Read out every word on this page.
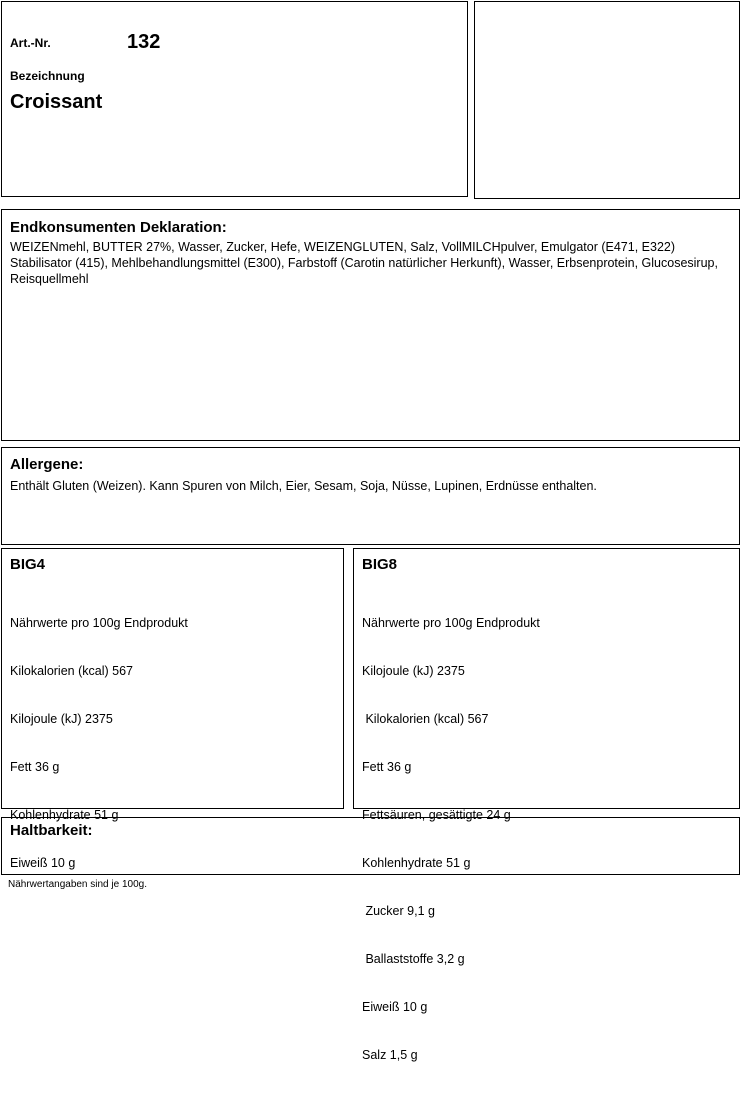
Art.-Nr.	132
Bezeichnung
Croissant
Endkonsumenten Deklaration:
WEIZENmehl, BUTTER 27%, Wasser, Zucker, Hefe, WEIZENGLUTEN, Salz, VollMILCHpulver, Emulgator (E471, E322) Stabilisator (415), Mehlbehandlungsmittel (E300), Farbstoff (Carotin natürlicher Herkunft), Wasser, Erbsenprotein, Glucosesirup, Reisquellmehl
Allergene:
Enthält Gluten (Weizen). Kann Spuren von Milch, Eier, Sesam, Soja, Nüsse, Lupinen, Erdnüsse enthalten.
BIG4

Nährwerte pro 100g Endprodukt

Kilokalorien (kcal) 567

Kilojoule (kJ) 2375

Fett 36 g

Kohlenhydrate 51 g

Eiweiß 10 g

BIG8

Nährwerte pro 100g Endprodukt

Kilojoule (kJ) 2375

Kilokalorien (kcal) 567

Fett 36 g

Fettsäuren, gesättigte 24 g

Kohlenhydrate 51 g

Zucker 9,1 g

Ballaststoffe 3,2 g

Eiweiß 10 g

Salz 1,5 g

Haltbarkeit:
Nährwertangaben sind je 100g.
